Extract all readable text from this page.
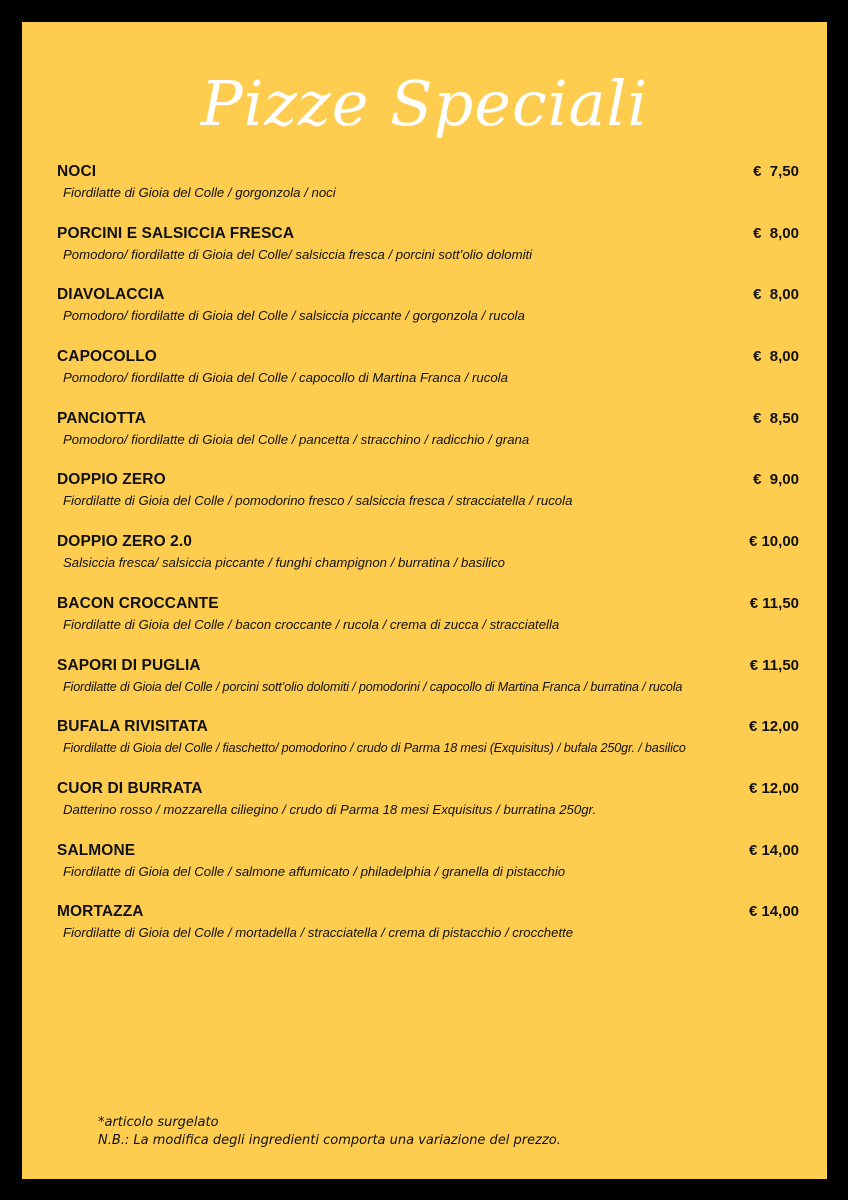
Pizze Speciali
NOCI	€  7,50
Fiordilatte di Gioia del Colle / gorgonzola / noci
PORCINI E SALSICCIA FRESCA	€  8,00
Pomodoro/ fiordilatte di Gioia del Colle/ salsiccia fresca / porcini sott’olio dolomiti
DIAVOLACCIA	€  8,00
Pomodoro/ fiordilatte di Gioia del Colle / salsiccia piccante / gorgonzola / rucola
CAPOCOLLO	€  8,00
Pomodoro/ fiordilatte di Gioia del Colle / capocollo di Martina Franca / rucola
PANCIOTTA	€  8,50
Pomodoro/ fiordilatte di Gioia del Colle / pancetta / stracchino / radicchio / grana
DOPPIO ZERO	€  9,00
Fiordilatte di Gioia del Colle / pomodorino fresco / salsiccia fresca / stracciatella / rucola
DOPPIO ZERO 2.0	€ 10,00
Salsiccia fresca/ salsiccia piccante / funghi champignon / burratina / basilico
BACON CROCCANTE	€ 11,50
Fiordilatte di Gioia del Colle / bacon croccante / rucola / crema di zucca / stracciatella
SAPORI DI PUGLIA	€ 11,50
Fiordilatte di Gioia del Colle / porcini sott’olio dolomiti / pomodorini / capocollo di Martina Franca / burratina / rucola
BUFALA RIVISITATA	€ 12,00
Fiordilatte di Gioia del Colle / fiaschetto/ pomodorino / crudo di Parma 18 mesi (Exquisitus) / bufala 250gr. / basilico
CUOR DI BURRATA	€ 12,00
Datterino rosso / mozzarella ciliegino / crudo di Parma 18 mesi Exquisitus / burratina 250gr.
SALMONE	€ 14,00
Fiordilatte di Gioia del Colle / salmone affumicato / philadelphia / granella di pistacchio
MORTAZZA	€ 14,00
Fiordilatte di Gioia del Colle / mortadella / stracciatella / crema di pistacchio / crocchette
*articolo surgelato
N.B.: La modifica degli ingredienti comporta una variazione del prezzo.
